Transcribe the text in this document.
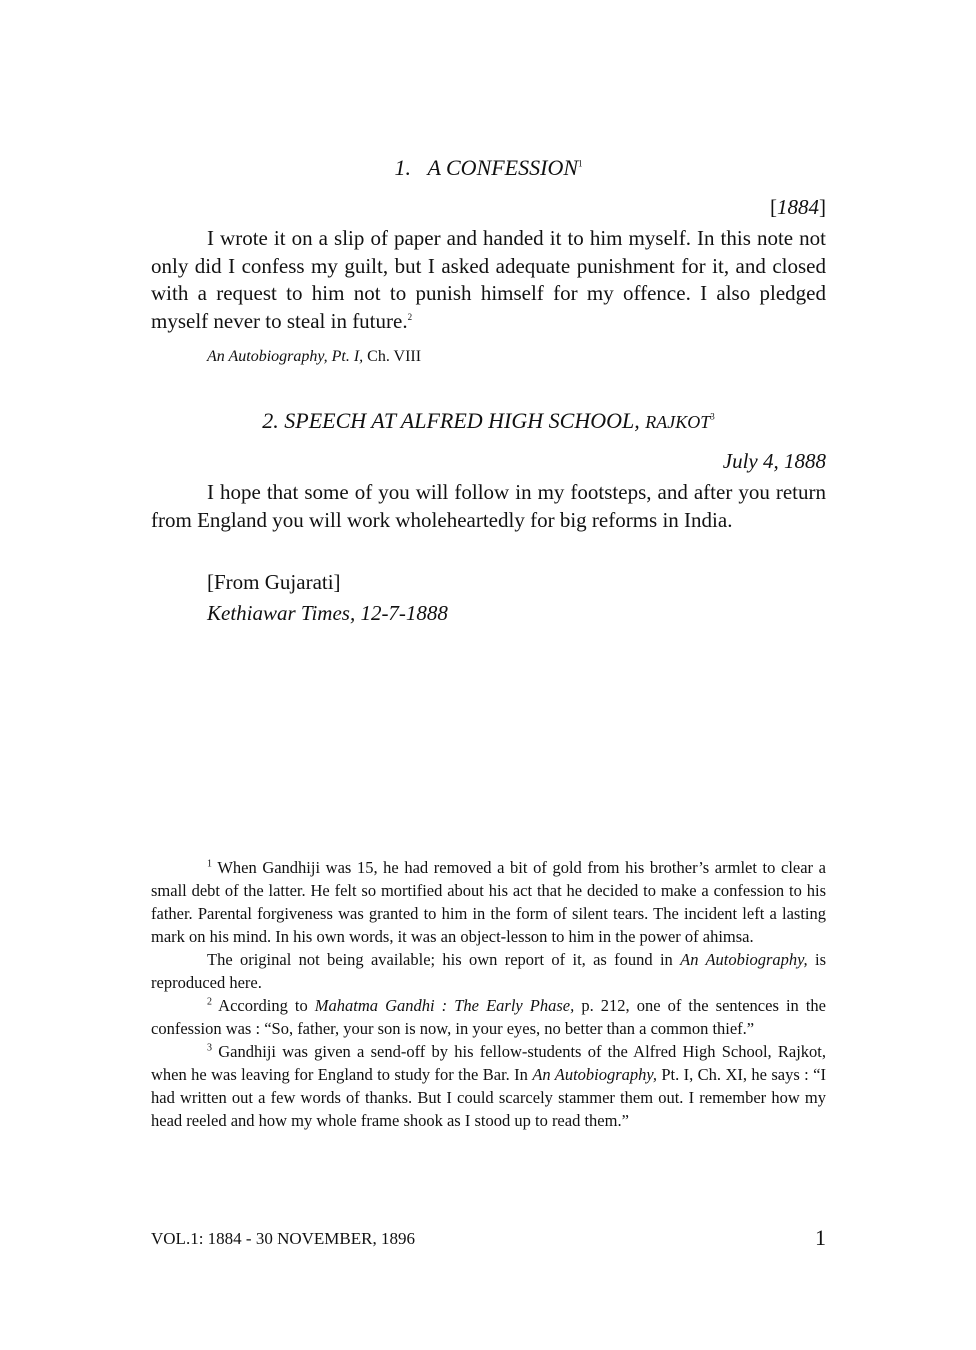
1. A CONFESSION$^1$
[1884]

I wrote it on a slip of paper and handed it to him myself. In this note not only did I confess my guilt, but I asked adequate punishment for it, and closed with a request to him not to punish himself for my offence. I also pledged myself never to steal in future.$^2$

An Autobiography, Pt. I, Ch. VIII
2. SPEECH AT ALFRED HIGH SCHOOL, RAJKOT$^3$
July 4, 1888

I hope that some of you will follow in my footsteps, and after you return from England you will work wholeheartedly for big reforms in India.

[From Gujarati]
Kethiawar Times, 12-7-1888

$^1$ When Gandhiji was 15, he had removed a bit of gold from his brother’s armlet to clear a small debt of the latter. He felt so mortified about his act that he decided to make a confession to his father. Parental forgiveness was granted to him in the form of silent tears. The incident left a lasting mark on his mind. In his own words, it was an object-lesson to him in the power of ahimsa.

The original not being available; his own report of it, as found in An Autobiography, is reproduced here.

$^2$ According to Mahatma Gandhi : The Early Phase, p. 212, one of the sentences in the confession was : “So, father, your son is now, in your eyes, no better than a common thief.”

$^3$ Gandhiji was given a send-off by his fellow-students of the Alfred High School, Rajkot, when he was leaving for England to study for the Bar. In An Autobiography, Pt. I, Ch. XI, he says : “I had written out a few words of thanks. But I could scarcely stammer them out. I remember how my head reeled and how my whole frame shook as I stood up to read them.”

VOL.1: 1884 - 30 NOVEMBER, 1896	1
